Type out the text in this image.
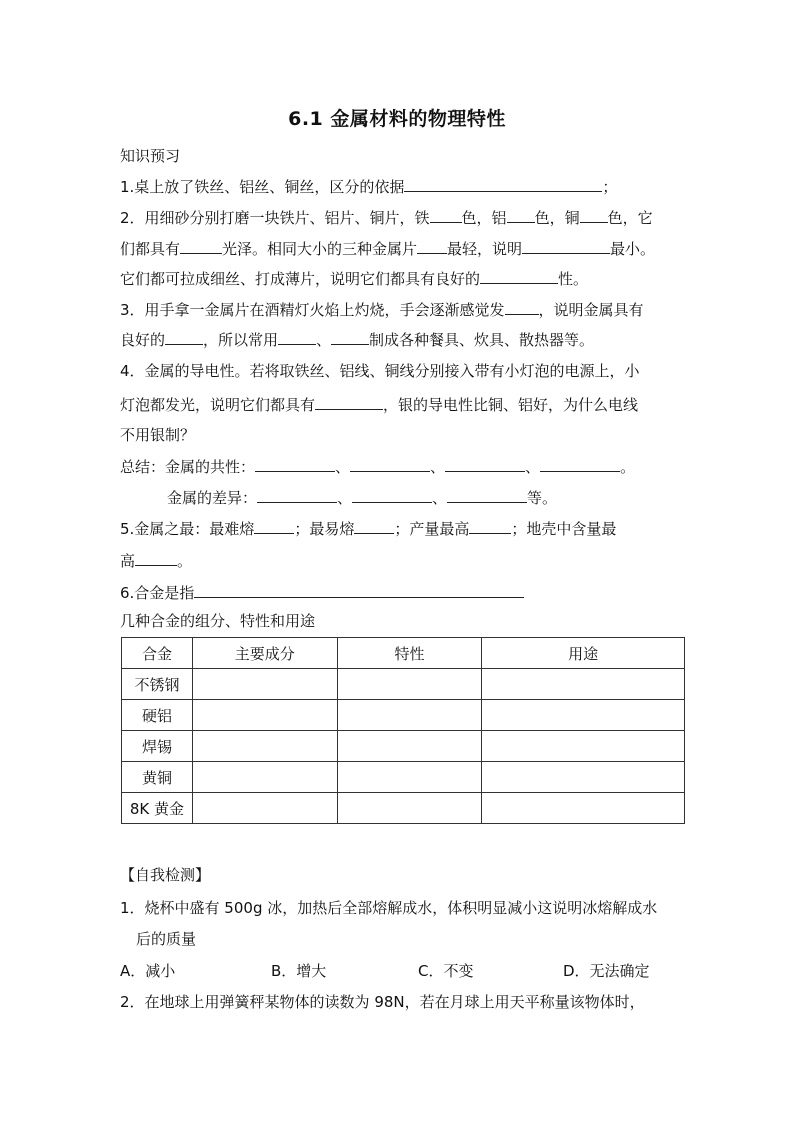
6.1 金属材料的物理特性
知识预习
1.桌上放了铁丝、铝丝、铜丝，区分的依据	；
2．用细砂分别打磨一块铁片、铝片、铜片，铁 色，铝 色，铜 色，它
们都具有	光泽。相同大小的三种金属片 最轻，说明	最小。
它们都可拉成细丝、打成薄片，说明它们都具有良好的	性。
3．用手拿一金属片在酒精灯火焰上灼烧，手会逐渐感觉发 ，说明金属具有
良好的	，所以常用	、	制成各种餐具、炊具、散热器等。
4．金属的导电性。若将取铁丝、铝线、铜线分别接入带有小灯泡的电源上，小
灯泡都发光，说明它们都具有	，银的导电性比铜、铝好，为什么电线
不用银制？
总结：金属的共性：	、	、	、	。
金属的差异：	、	、	等。
5.金属之最：最难熔	；最易熔	；产量最高	；地壳中含量最
高	。
6.合金是指
几种合金的组分、特性和用途
合金	主要成分	特性	用途
不锈钢			
硬铝			
焊锡			
黄铜			
8K 黄金			
【自我检测】
1．烧杯中盛有 500g 冰，加热后全部熔解成水，体积明显减小这说明冰熔解成水
后的质量
A．减小	B．增大	C．不变	D．无法确定
2．在地球上用弹簧秤某物体的读数为 98N，若在月球上用天平称量该物体时，
